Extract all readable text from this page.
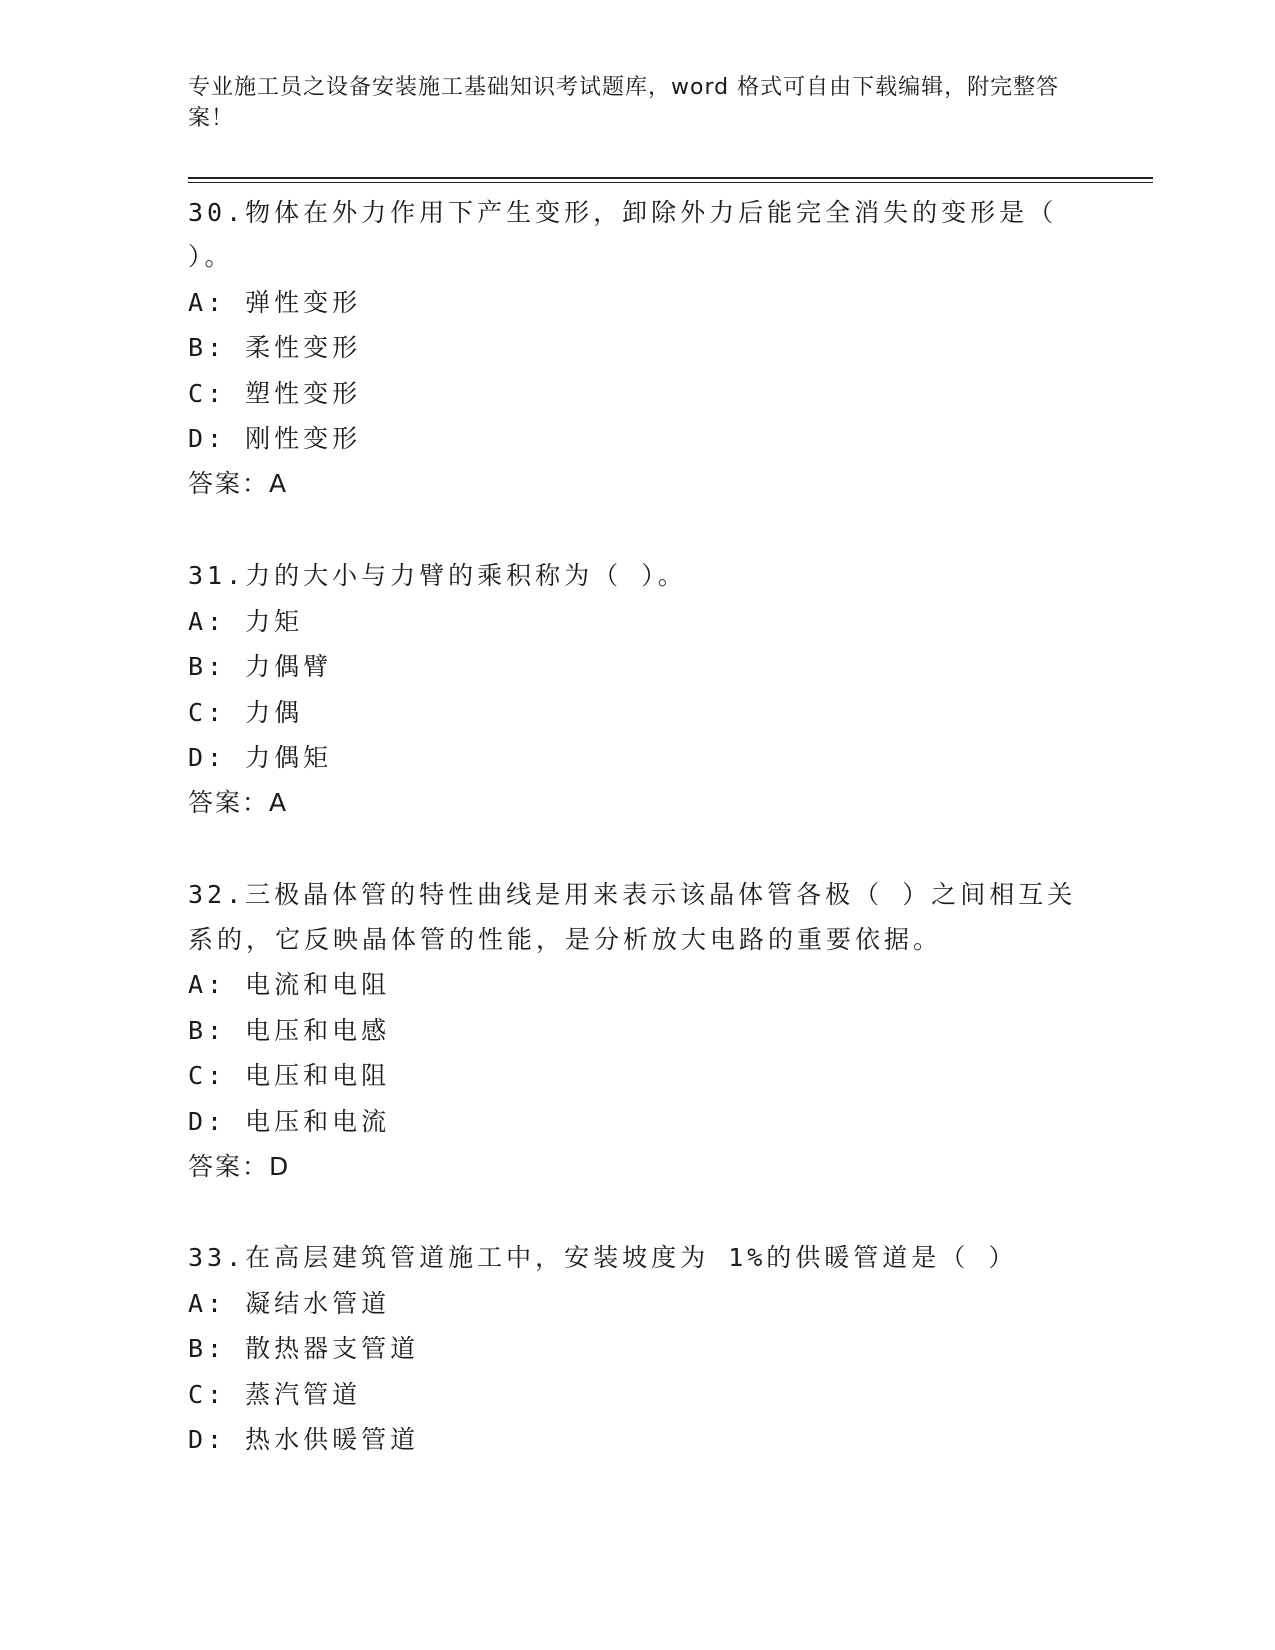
专业施工员之设备安装施工基础知识考试题库，word 格式可自由下载编辑，附完整答案！
30.物体在外力作用下产生变形，卸除外力后能完全消失的变形是（
）。
A: 弹性变形
B: 柔性变形
C: 塑性变形
D: 刚性变形
答案：A
31.力的大小与力臂的乘积称为（ ）。
A: 力矩
B: 力偶臂
C: 力偶
D: 力偶矩
答案：A
32.三极晶体管的特性曲线是用来表示该晶体管各极（ ）之间相互关
系的，它反映晶体管的性能，是分析放大电路的重要依据。
A: 电流和电阻
B: 电压和电感
C: 电压和电阻
D: 电压和电流
答案：D
33.在高层建筑管道施工中，安装坡度为 1%的供暖管道是（ ）
A: 凝结水管道
B: 散热器支管道
C: 蒸汽管道
D: 热水供暖管道
